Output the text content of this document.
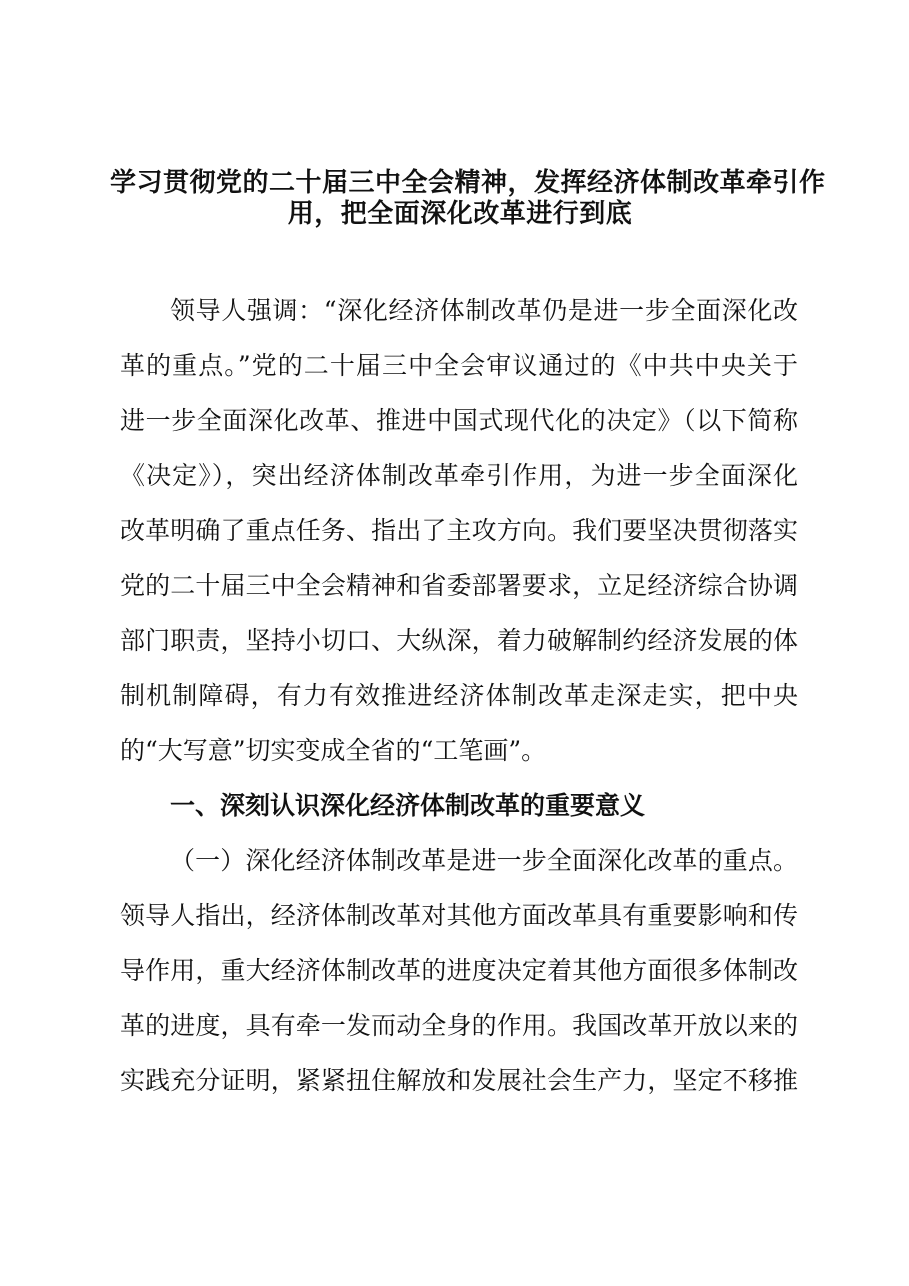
学习贯彻党的二十届三中全会精神，发挥经济体制改革牵引作
用，把全面深化改革进行到底
领导人强调：“深化经济体制改革仍是进一步全面深化改
革的重点。”党的二十届三中全会审议通过的《中共中央关于
进一步全面深化改革、推进中国式现代化的决定》（以下简称
《决定》），突出经济体制改革牵引作用，为进一步全面深化
改革明确了重点任务、指出了主攻方向。我们要坚决贯彻落实
党的二十届三中全会精神和省委部署要求，立足经济综合协调
部门职责，坚持小切口、大纵深，着力破解制约经济发展的体
制机制障碍，有力有效推进经济体制改革走深走实，把中央
的“大写意”切实变成全省的“工笔画”。
一、深刻认识深化经济体制改革的重要意义
（一）深化经济体制改革是进一步全面深化改革的重点。
领导人指出，经济体制改革对其他方面改革具有重要影响和传
导作用，重大经济体制改革的进度决定着其他方面很多体制改
革的进度，具有牵一发而动全身的作用。我国改革开放以来的
实践充分证明，紧紧扭住解放和发展社会生产力，坚定不移推
